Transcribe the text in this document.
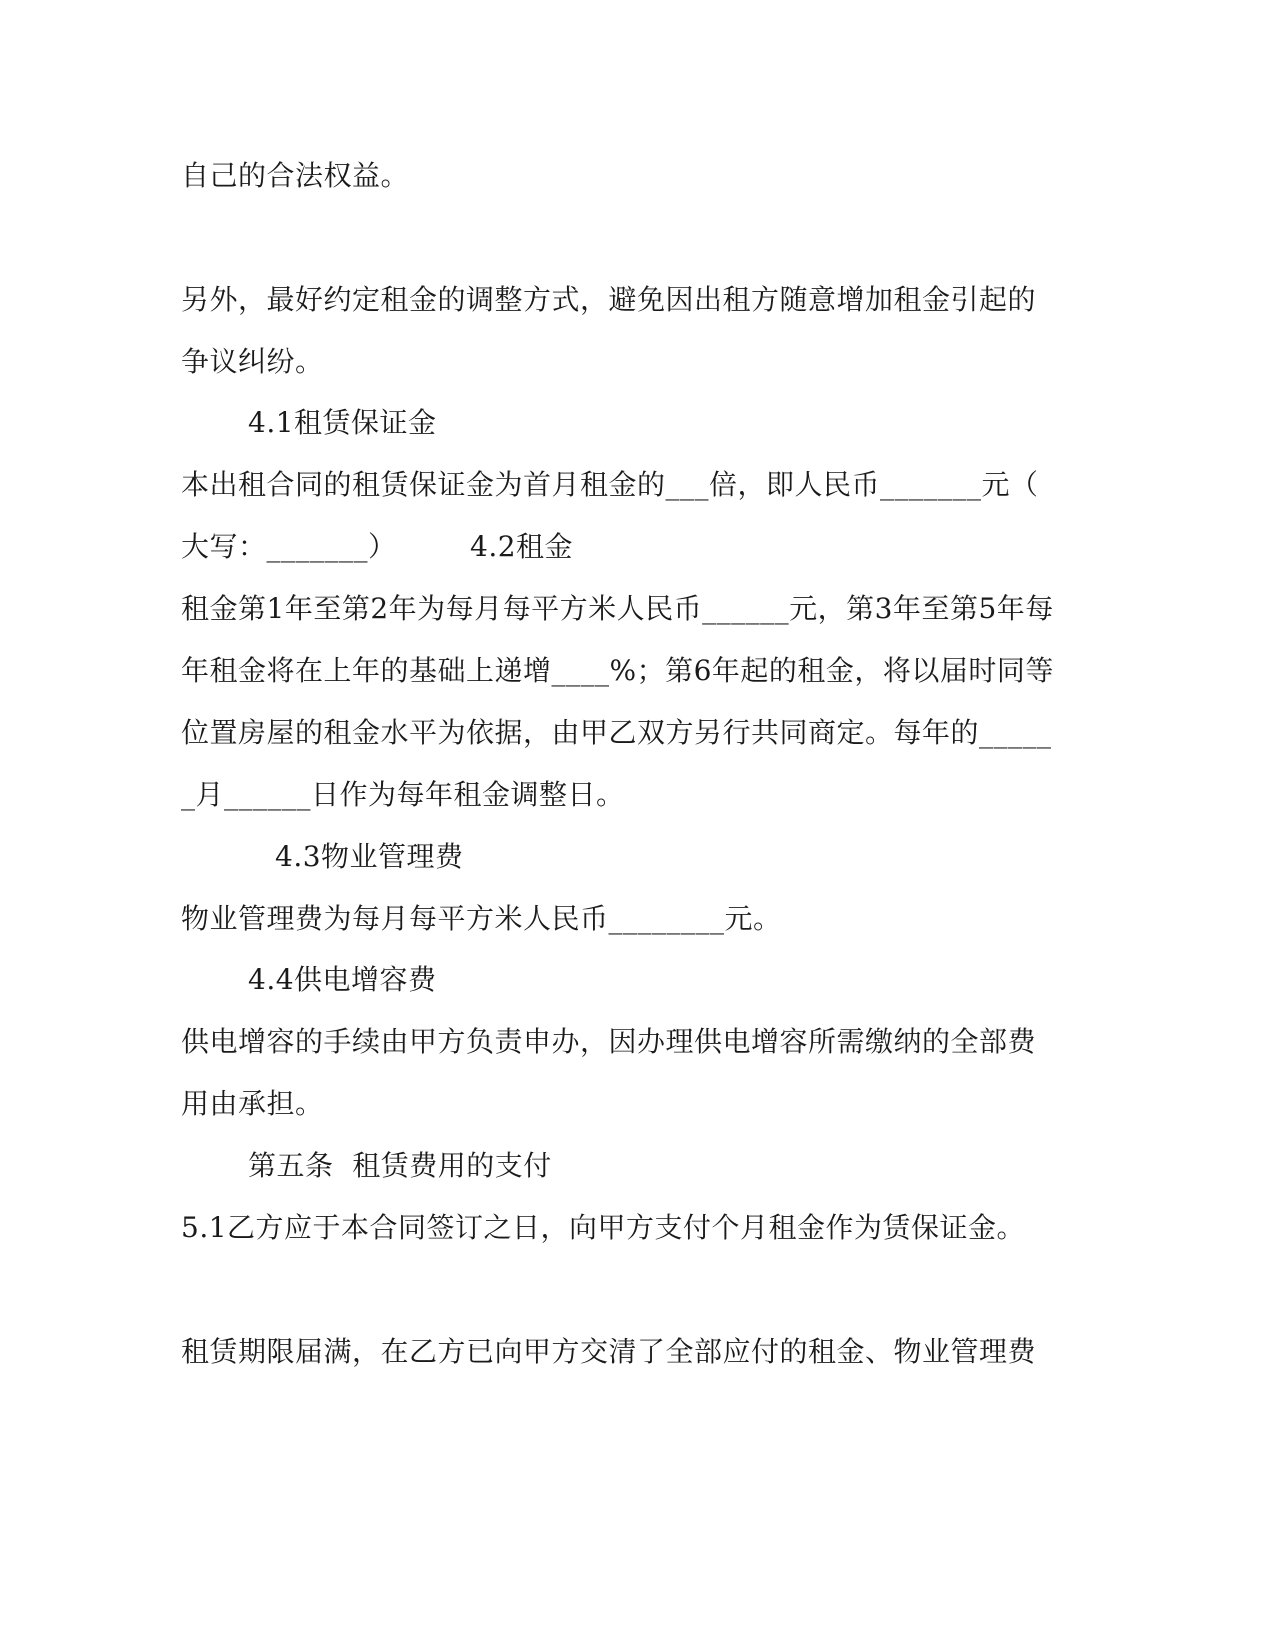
自己的合法权益。
另外，最好约定租金的调整方式，避免因出租方随意增加租金引起的
争议纠纷。
4.1租赁保证金
本出租合同的租赁保证金为首月租金的___倍，即人民币_______元（
大写：_______）	4.2租金
租金第1年至第2年为每月每平方米人民币______元，第3年至第5年每
年租金将在上年的基础上递增____%；第6年起的租金，将以届时同等
位置房屋的租金水平为依据，由甲乙双方另行共同商定。每年的_____
_月______日作为每年租金调整日。
4.3物业管理费
物业管理费为每月每平方米人民币________元。
4.4供电增容费
供电增容的手续由甲方负责申办，因办理供电增容所需缴纳的全部费
用由承担。
第五条  租赁费用的支付
5.1乙方应于本合同签订之日，向甲方支付个月租金作为赁保证金。
租赁期限届满，在乙方已向甲方交清了全部应付的租金、物业管理费
